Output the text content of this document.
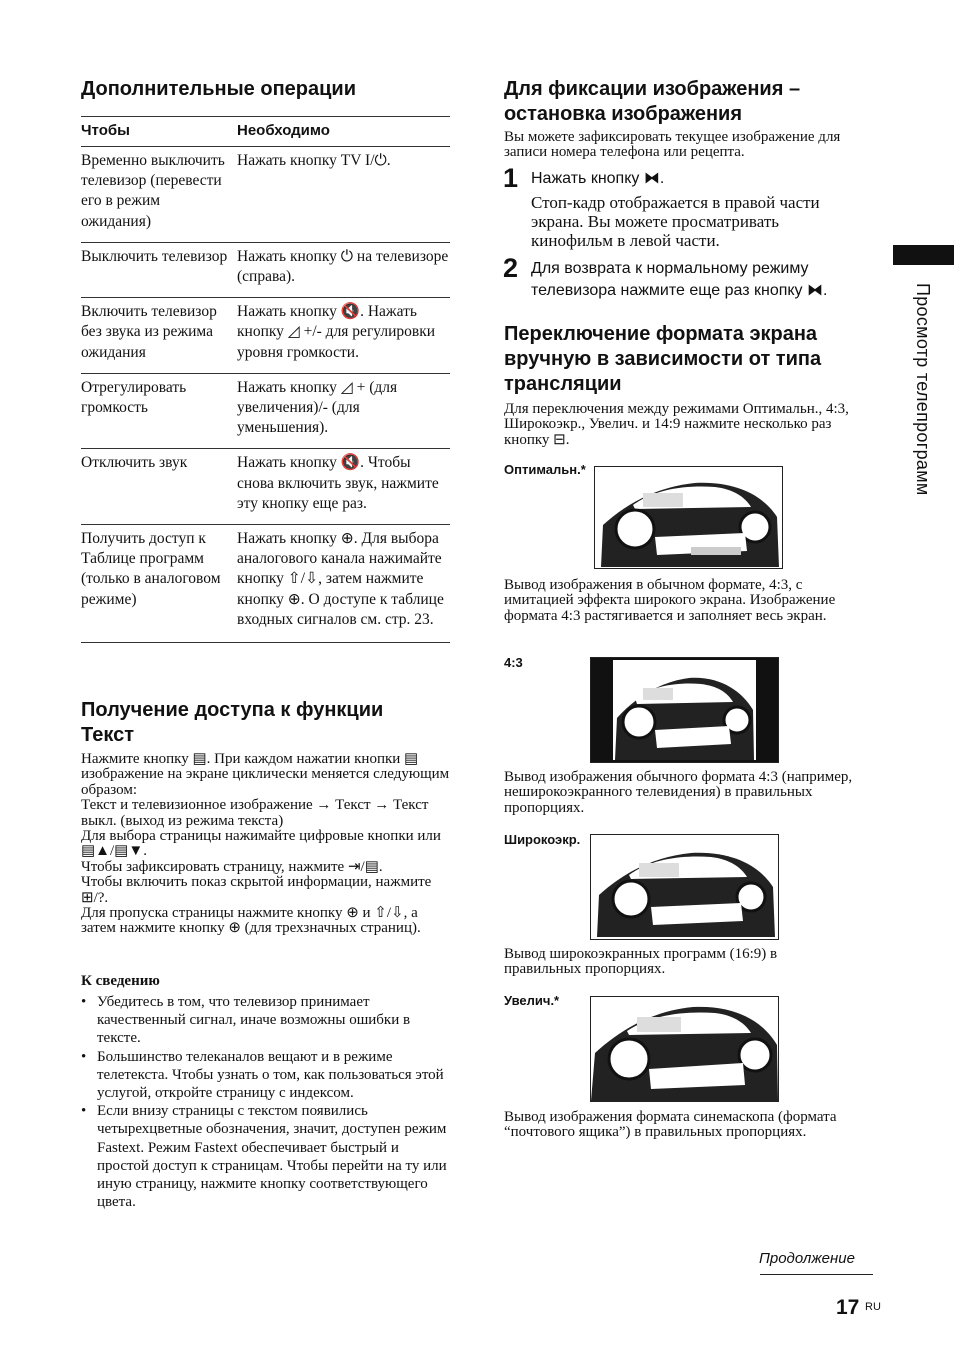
Дополнительные операции
Чтобы	Необходимо
Временно выключить телевизор (перевести его в режим ожидания)	Нажать кнопку TV I/⏻.
Выключить телевизор	Нажать кнопку ⏻ на телевизоре (справа).
Включить телевизор без звука из режима ожидания	Нажать кнопку 🔇. Нажать кнопку ◿ +/- для регулировки уровня громкости.
Отрегулировать громкость	Нажать кнопку ◿ + (для увеличения)/- (для уменьшения).
Отключить звук	Нажать кнопку 🔇. Чтобы снова включить звук, нажмите эту кнопку еще раз.
Получить доступ к Таблице программ (только в аналоговом режиме)	Нажать кнопку ⊕. Для выбора аналогового канала нажимайте кнопку ⇧/⇩, затем нажмите кнопку ⊕. О доступе к таблице входных сигналов см. стр. 23.
Получение доступа к функции Текст

Нажмите кнопку ▤. При каждом нажатии кнопки ▤ изображение на экране циклически меняется следующим образом:

Текст и телевизионное изображение → Текст → Текст выкл. (выход из режима текста)

Для выбора страницы нажимайте цифровые кнопки или ▤▲/▤▼.

Чтобы зафиксировать страницу, нажмите ⇥/▤.

Чтобы включить показ скрытой информации, нажмите ⊞/?.

Для пропуска страницы нажмите кнопку ⊕ и ⇧/⇩, а затем нажмите кнопку ⊕ (для трехзначных страниц).

К сведению
• Убедитесь в том, что телевизор принимает качественный сигнал, иначе возможны ошибки в тексте.
• Большинство телеканалов вещают и в режиме телетекста. Чтобы узнать о том, как пользоваться этой услугой, откройте страницу с индексом.
• Если внизу страницы с текстом появились четырехцветные обозначения, значит, доступен режим Fastext. Режим Fastext обеспечивает быстрый и простой доступ к страницам. Чтобы перейти на ту или иную страницу, нажмите кнопку соответствующего цвета.
Для фиксации изображения – остановка изображения
Вы можете зафиксировать текущее изображение для записи номера телефона или рецепта.
1 Нажать кнопку ⧓.
Стоп-кадр отображается в правой части экрана. Вы можете просматривать кинофильм в левой части.
2 Для возврата к нормальному режиму телевизора нажмите еще раз кнопку ⧓.
Переключение формата экрана вручную в зависимости от типа трансляции
Для переключения между режимами Оптимальн., 4:3, Широкоэкр., Увелич. и 14:9 нажмите несколько раз кнопку ⊟.
Оптимальн.*
Вывод изображения в обычном формате, 4:3, с имитацией эффекта широкого экрана. Изображение формата 4:3 растягивается и заполняет весь экран.
4:3
Вывод изображения обычного формата 4:3 (например, неширокоэкранного телевидения) в правильных пропорциях.
Широкоэкр.
Вывод широкоэкранных программ (16:9) в правильных пропорциях.
Увелич.*
Вывод изображения формата синемаскопа (формата “почтового ящика”) в правильных пропорциях.
Просмотр телепрограмм
Продолжение
17 RU
